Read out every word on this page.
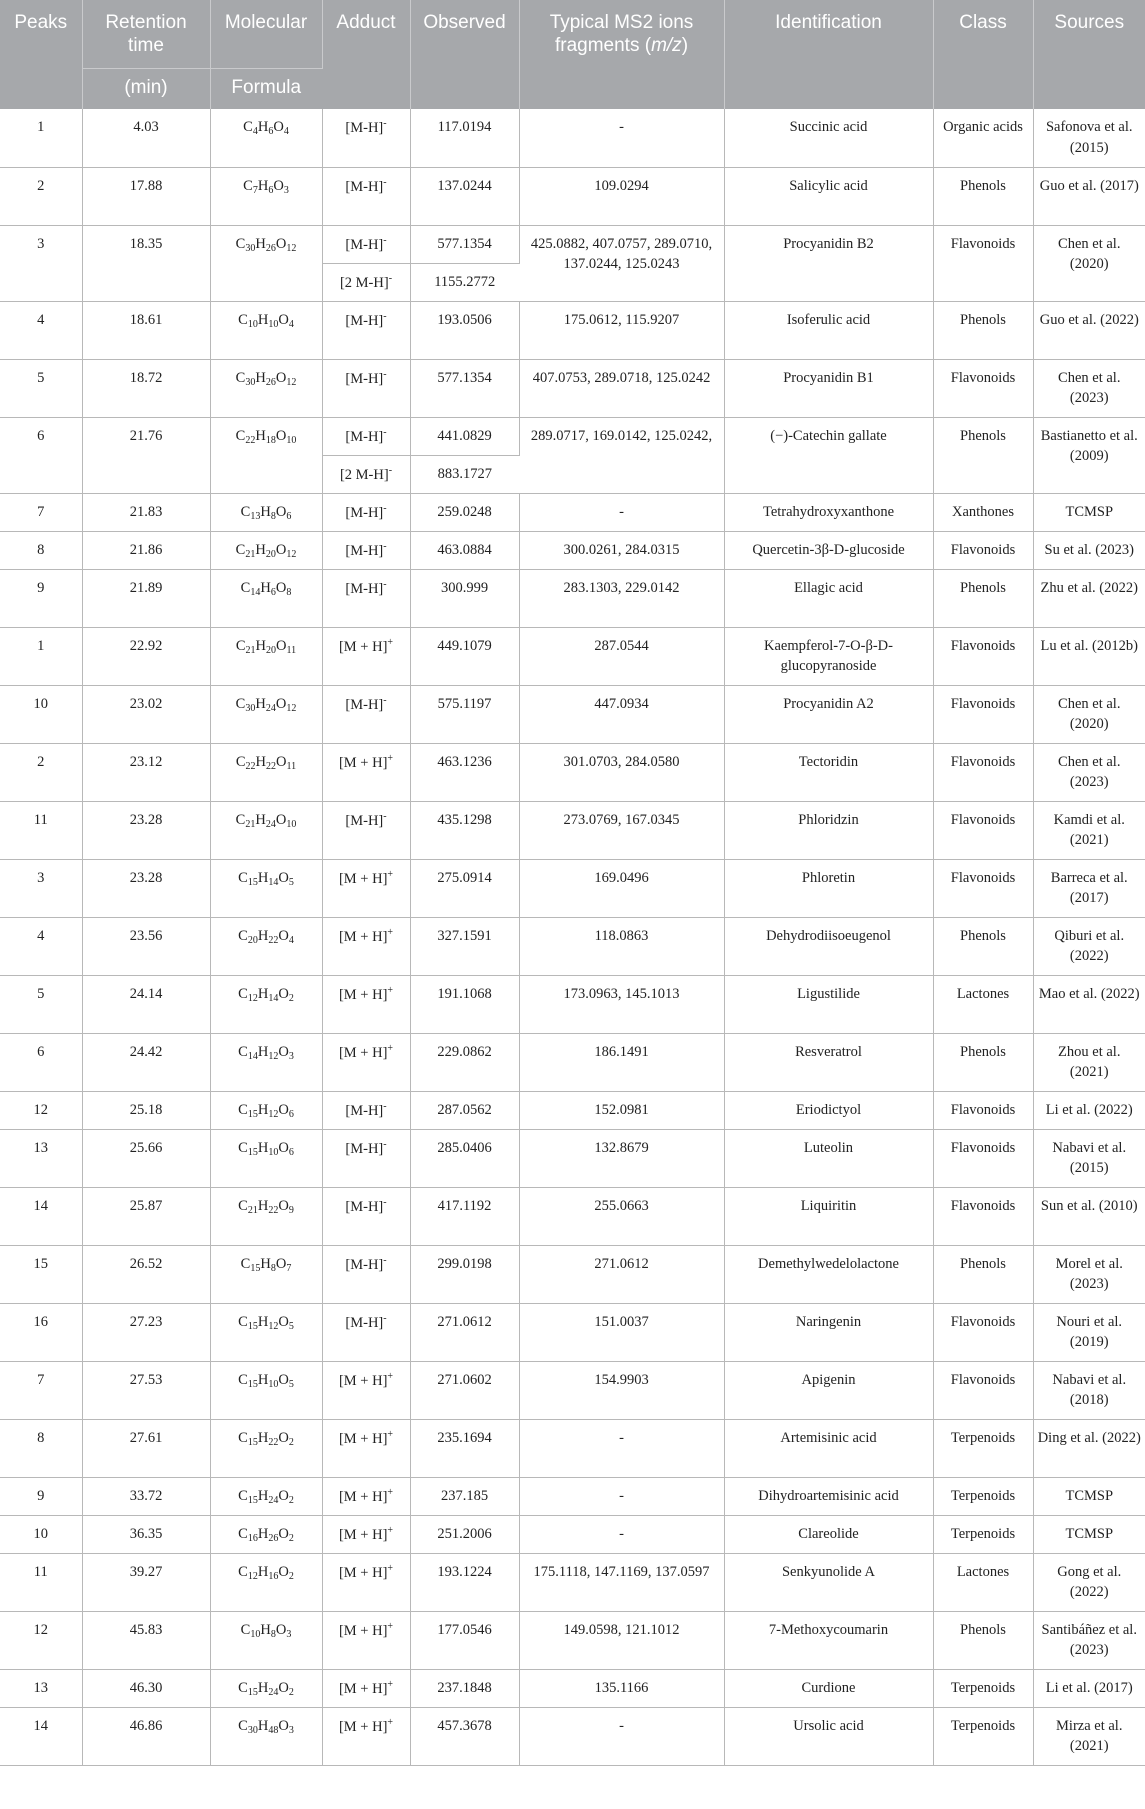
Peaks	Retention time	Molecular	Adduct	Observed	Typical MS2 ions fragments (m/z)	Identification	Class	Sources
	(min)	Formula						
1	4.03	$C_4H_6O_4$	[M-H]-	117.0194	-	Succinic acid	Organic acids	Safonova et al. (2015)
2	17.88	$C_7H_6O_3$	[M-H]-	137.0244	109.0294	Salicylic acid	Phenols	Guo et al. (2017)
3	18.35	$C_{30}H_{26}O_{12}$	[M-H]-	577.1354	425.0882, 407.0757, 289.0710, 137.0244, 125.0243	Procyanidin B2	Flavonoids	Chen et al. (2020)
			[2 M-H]-	1155.2772				
4	18.61	$C_{10}H_{10}O_4$	[M-H]-	193.0506	175.0612, 115.9207	Isoferulic acid	Phenols	Guo et al. (2022)
5	18.72	$C_{30}H_{26}O_{12}$	[M-H]-	577.1354	407.0753, 289.0718, 125.0242	Procyanidin B1	Flavonoids	Chen et al. (2023)
6	21.76	$C_{22}H_{18}O_{10}$	[M-H]-	441.0829	289.0717, 169.0142, 125.0242,	(−)-Catechin gallate	Phenols	Bastianetto et al. (2009)
			[2 M-H]-	883.1727				
7	21.83	$C_{13}H_8O_6$	[M-H]-	259.0248	-	Tetrahydroxyxanthone	Xanthones	TCMSP
8	21.86	$C_{21}H_{20}O_{12}$	[M-H]-	463.0884	300.0261, 284.0315	Quercetin-3β-D-glucoside	Flavonoids	Su et al. (2023)
9	21.89	$C_{14}H_6O_8$	[M-H]-	300.999	283.1303, 229.0142	Ellagic acid	Phenols	Zhu et al. (2022)
1	22.92	$C_{21}H_{20}O_{11}$	[M + H]+	449.1079	287.0544	Kaempferol-7-O-β-D-glucopyranoside	Flavonoids	Lu et al. (2012b)
10	23.02	$C_{30}H_{24}O_{12}$	[M-H]-	575.1197	447.0934	Procyanidin A2	Flavonoids	Chen et al. (2020)
2	23.12	$C_{22}H_{22}O_{11}$	[M + H]+	463.1236	301.0703, 284.0580	Tectoridin	Flavonoids	Chen et al. (2023)
11	23.28	$C_{21}H_{24}O_{10}$	[M-H]-	435.1298	273.0769, 167.0345	Phloridzin	Flavonoids	Kamdi et al. (2021)
3	23.28	$C_{15}H_{14}O_5$	[M + H]+	275.0914	169.0496	Phloretin	Flavonoids	Barreca et al. (2017)
4	23.56	$C_{20}H_{22}O_4$	[M + H]+	327.1591	118.0863	Dehydrodiisoeugenol	Phenols	Qiburi et al. (2022)
5	24.14	$C_{12}H_{14}O_2$	[M + H]+	191.1068	173.0963, 145.1013	Ligustilide	Lactones	Mao et al. (2022)
6	24.42	$C_{14}H_{12}O_3$	[M + H]+	229.0862	186.1491	Resveratrol	Phenols	Zhou et al. (2021)
12	25.18	$C_{15}H_{12}O_6$	[M-H]-	287.0562	152.0981	Eriodictyol	Flavonoids	Li et al. (2022)
13	25.66	$C_{15}H_{10}O_6$	[M-H]-	285.0406	132.8679	Luteolin	Flavonoids	Nabavi et al. (2015)
14	25.87	$C_{21}H_{22}O_9$	[M-H]-	417.1192	255.0663	Liquiritin	Flavonoids	Sun et al. (2010)
15	26.52	$C_{15}H_8O_7$	[M-H]-	299.0198	271.0612	Demethylwedelolactone	Phenols	Morel et al. (2023)
16	27.23	$C_{15}H_{12}O_5$	[M-H]-	271.0612	151.0037	Naringenin	Flavonoids	Nouri et al. (2019)
7	27.53	$C_{15}H_{10}O_5$	[M + H]+	271.0602	154.9903	Apigenin	Flavonoids	Nabavi et al. (2018)
8	27.61	$C_{15}H_{22}O_2$	[M + H]+	235.1694	-	Artemisinic acid	Terpenoids	Ding et al. (2022)
9	33.72	$C_{15}H_{24}O_2$	[M + H]+	237.185	-	Dihydroartemisinic acid	Terpenoids	TCMSP
10	36.35	$C_{16}H_{26}O_2$	[M + H]+	251.2006	-	Clareolide	Terpenoids	TCMSP
11	39.27	$C_{12}H_{16}O_2$	[M + H]+	193.1224	175.1118, 147.1169, 137.0597	Senkyunolide A	Lactones	Gong et al. (2022)
12	45.83	$C_{10}H_8O_3$	[M + H]+	177.0546	149.0598, 121.1012	7-Methoxycoumarin	Phenols	Santibáñez et al. (2023)
13	46.30	$C_{15}H_{24}O_2$	[M + H]+	237.1848	135.1166	Curdione	Terpenoids	Li et al. (2017)
14	46.86	$C_{30}H_{48}O_3$	[M + H]+	457.3678	-	Ursolic acid	Terpenoids	Mirza et al. (2021)
